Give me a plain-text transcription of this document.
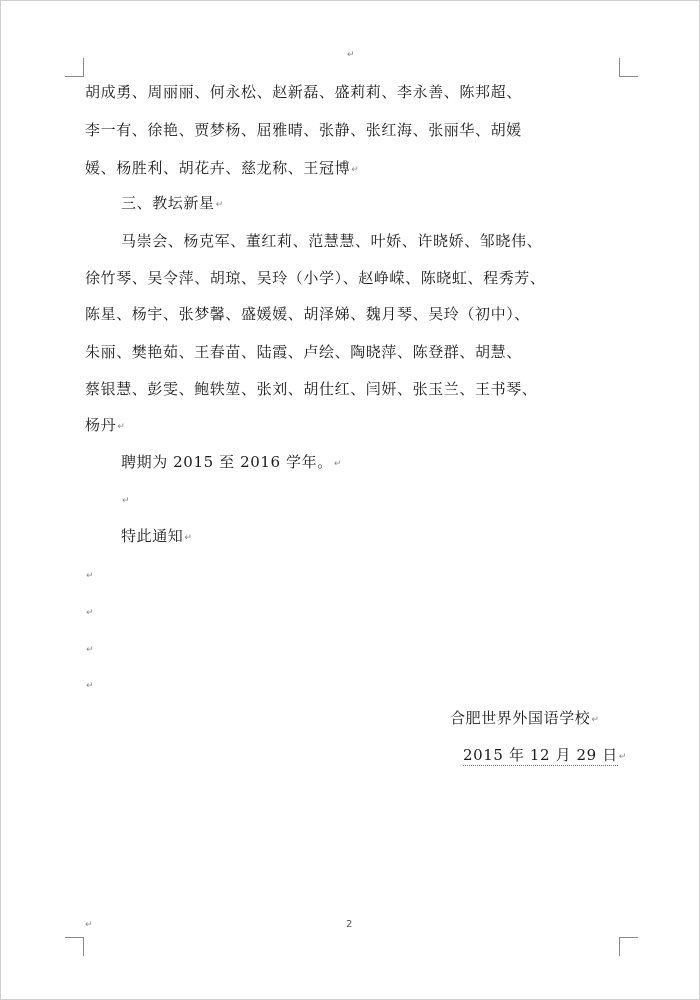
↵
胡成勇、周丽丽、何永松、赵新磊、盛莉莉、李永善、陈邦超、
李一有、徐艳、贾梦杨、屈雅晴、张静、张红海、张丽华、胡媛
媛、杨胜利、胡花卉、慈龙称、王冠博 ↵
三、教坛新星 ↵
马崇会、杨克军、董红莉、范慧慧、叶娇、许晓娇、邹晓伟、
徐竹琴、吴令萍、胡琼、吴玲（小学）、赵峥嵘、陈晓虹、程秀芳、
陈星、杨宇、张梦馨、盛媛媛、胡泽娣、魏月琴、吴玲（初中）、
朱丽、樊艳茹、王春苗、陆霞、卢绘、陶晓萍、陈登群、胡慧、
蔡银慧、彭雯、鲍轶堃、张刘、胡仕红、闫妍、张玉兰、王书琴、
杨丹 ↵
聘期为 2015 至 2016 学年。 ↵
↵
特此通知 ↵
↵
↵
↵
↵
合肥世界外国语学校 ↵
2015 年 12 月 29 日 ↵
↵
2
